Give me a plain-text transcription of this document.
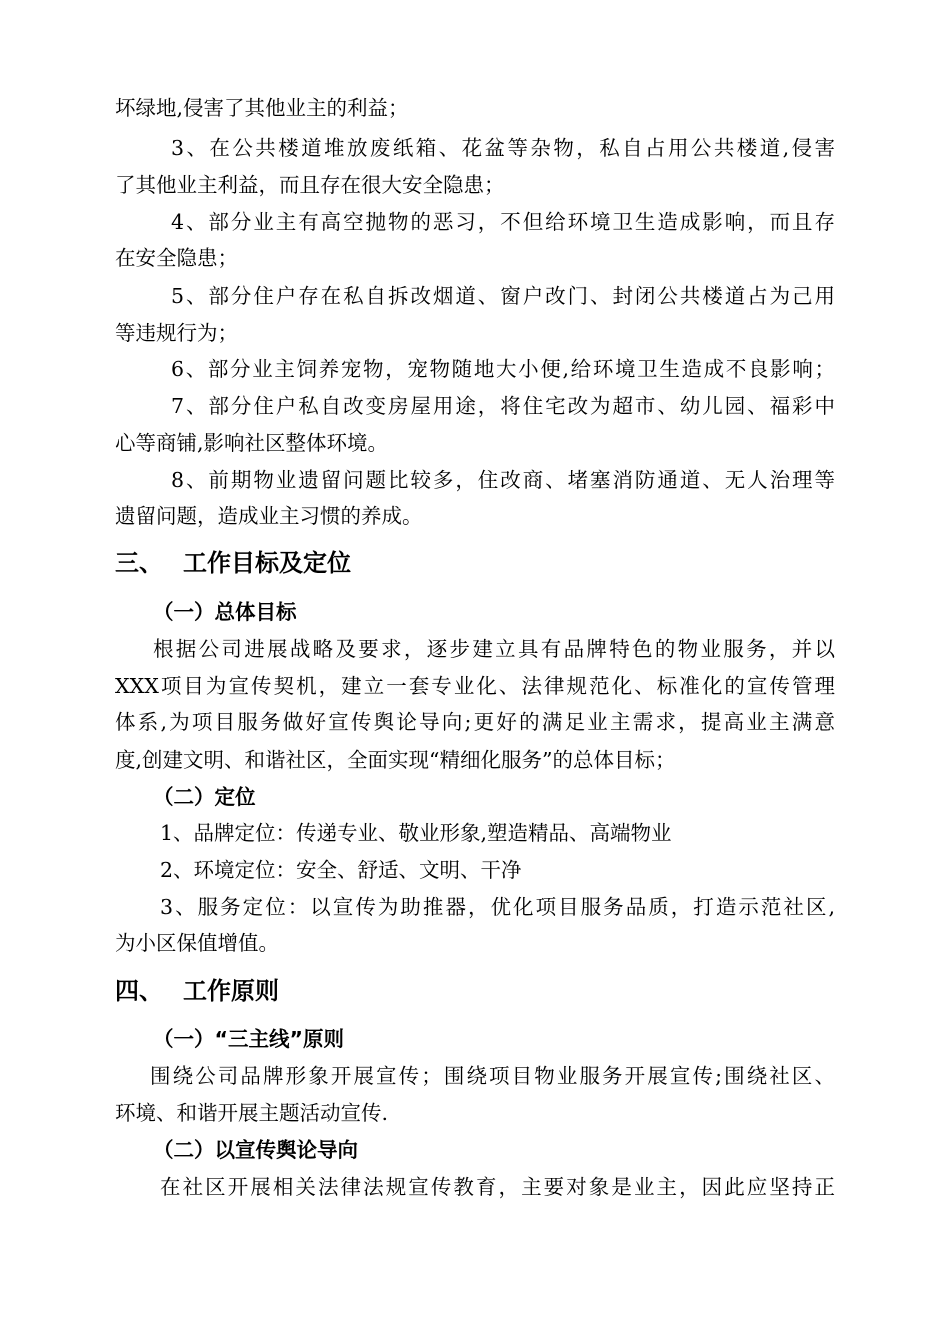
坏绿地,侵害了其他业主的利益；
3、在公共楼道堆放废纸箱、花盆等杂物，私自占用公共楼道,侵害
了其他业主利益，而且存在很大安全隐患；
4、部分业主有高空抛物的恶习，不但给环境卫生造成影响，而且存
在安全隐患；
5、部分住户存在私自拆改烟道、窗户改门、封闭公共楼道占为己用
等违规行为；
6、部分业主饲养宠物，宠物随地大小便,给环境卫生造成不良影响；
7、部分住户私自改变房屋用途，将住宅改为超市、幼儿园、福彩中
心等商铺,影响社区整体环境。
8、前期物业遗留问题比较多，住改商、堵塞消防通道、无人治理等
遗留问题，造成业主习惯的养成。
三、 工作目标及定位
（一）总体目标
根据公司进展战略及要求，逐步建立具有品牌特色的物业服务，并以
XXX项目为宣传契机，建立一套专业化、法律规范化、标准化的宣传管理
体系,为项目服务做好宣传舆论导向;更好的满足业主需求，提高业主满意
度,创建文明、和谐社区，全面实现“精细化服务”的总体目标；
（二）定位
1、品牌定位：传递专业、敬业形象,塑造精品、高端物业
2、环境定位：安全、舒适、文明、干净
3、服务定位：以宣传为助推器，优化项目服务品质，打造示范社区,
为小区保值增值。
四、 工作原则
（一）“三主线”原则
围绕公司品牌形象开展宣传；围绕项目物业服务开展宣传;围绕社区、
环境、和谐开展主题活动宣传.
（二）以宣传舆论导向
在社区开展相关法律法规宣传教育，主要对象是业主，因此应坚持正
